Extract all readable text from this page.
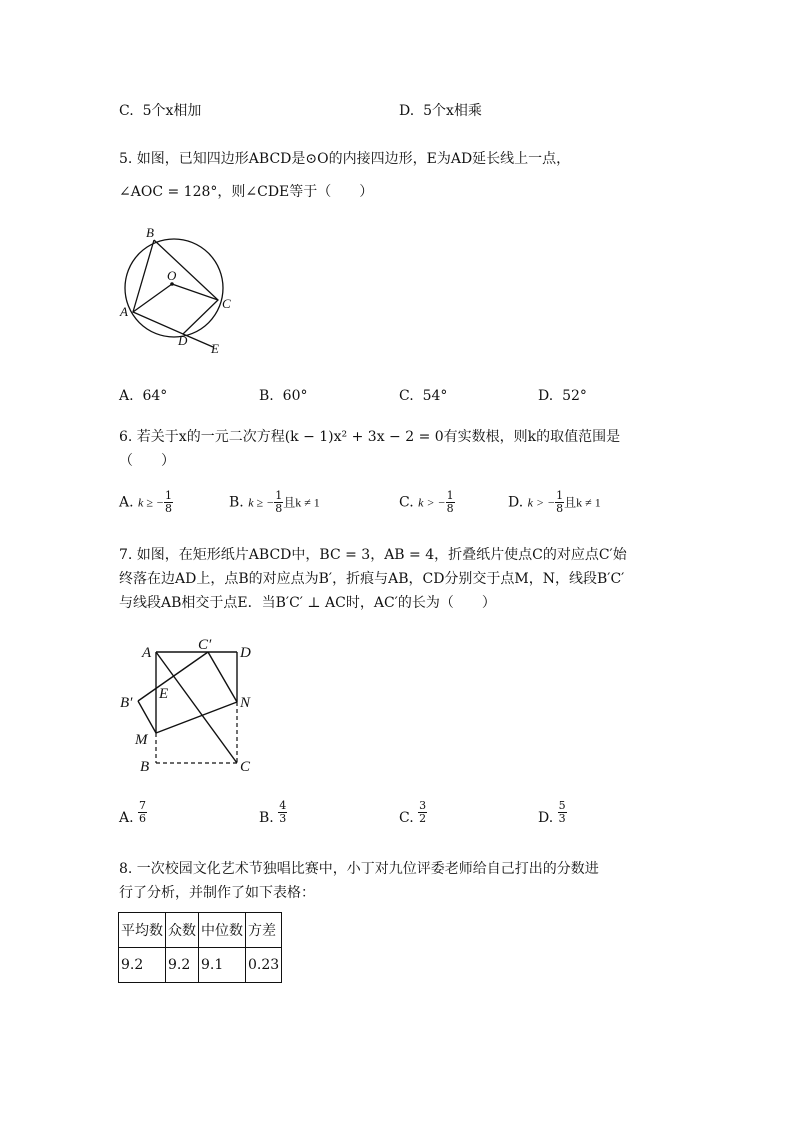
C. 5个x相加	D. 5个x相乘
5. 如图，已知四边形ABCD是⊙O的内接四边形，E为AD延长线上一点，
∠AOC = 128°，则∠CDE等于（　　）
B
O
A
C
D
E
A. 64°	B. 60°	C. 54°	D. 52°
6. 若关于x的一元二次方程(k − 1)x² + 3x − 2 = 0有实数根，则k的取值范围是
（　　）
A. k ≥ − $\frac{1}{8}$	B. k ≥ − $\frac{1}{8}$ 且k ≠ 1	C. k > − $\frac{1}{8}$	D. k > − $\frac{1}{8}$ 且k ≠ 1
7. 如图，在矩形纸片ABCD中，BC = 3，AB = 4，折叠纸片使点C的对应点C′始
终落在边AD上，点B的对应点为B′，折痕与AB，CD分别交于点M，N，线段B′C′
与线段AB相交于点E．当B′C′ ⊥ AC时，AC′的长为（　　）
A	C′ D
B′
E
N
M
B	C
A. $\frac{7}{6}$	B. $\frac{4}{3}$	C. $\frac{3}{2}$	D. $\frac{5}{3}$
8. 一次校园文化艺术节独唱比赛中，小丁对九位评委老师给自己打出的分数进
行了分析，并制作了如下表格：
平均数	众数	中位数	方差
9.2	9.2	9.1	0.23
